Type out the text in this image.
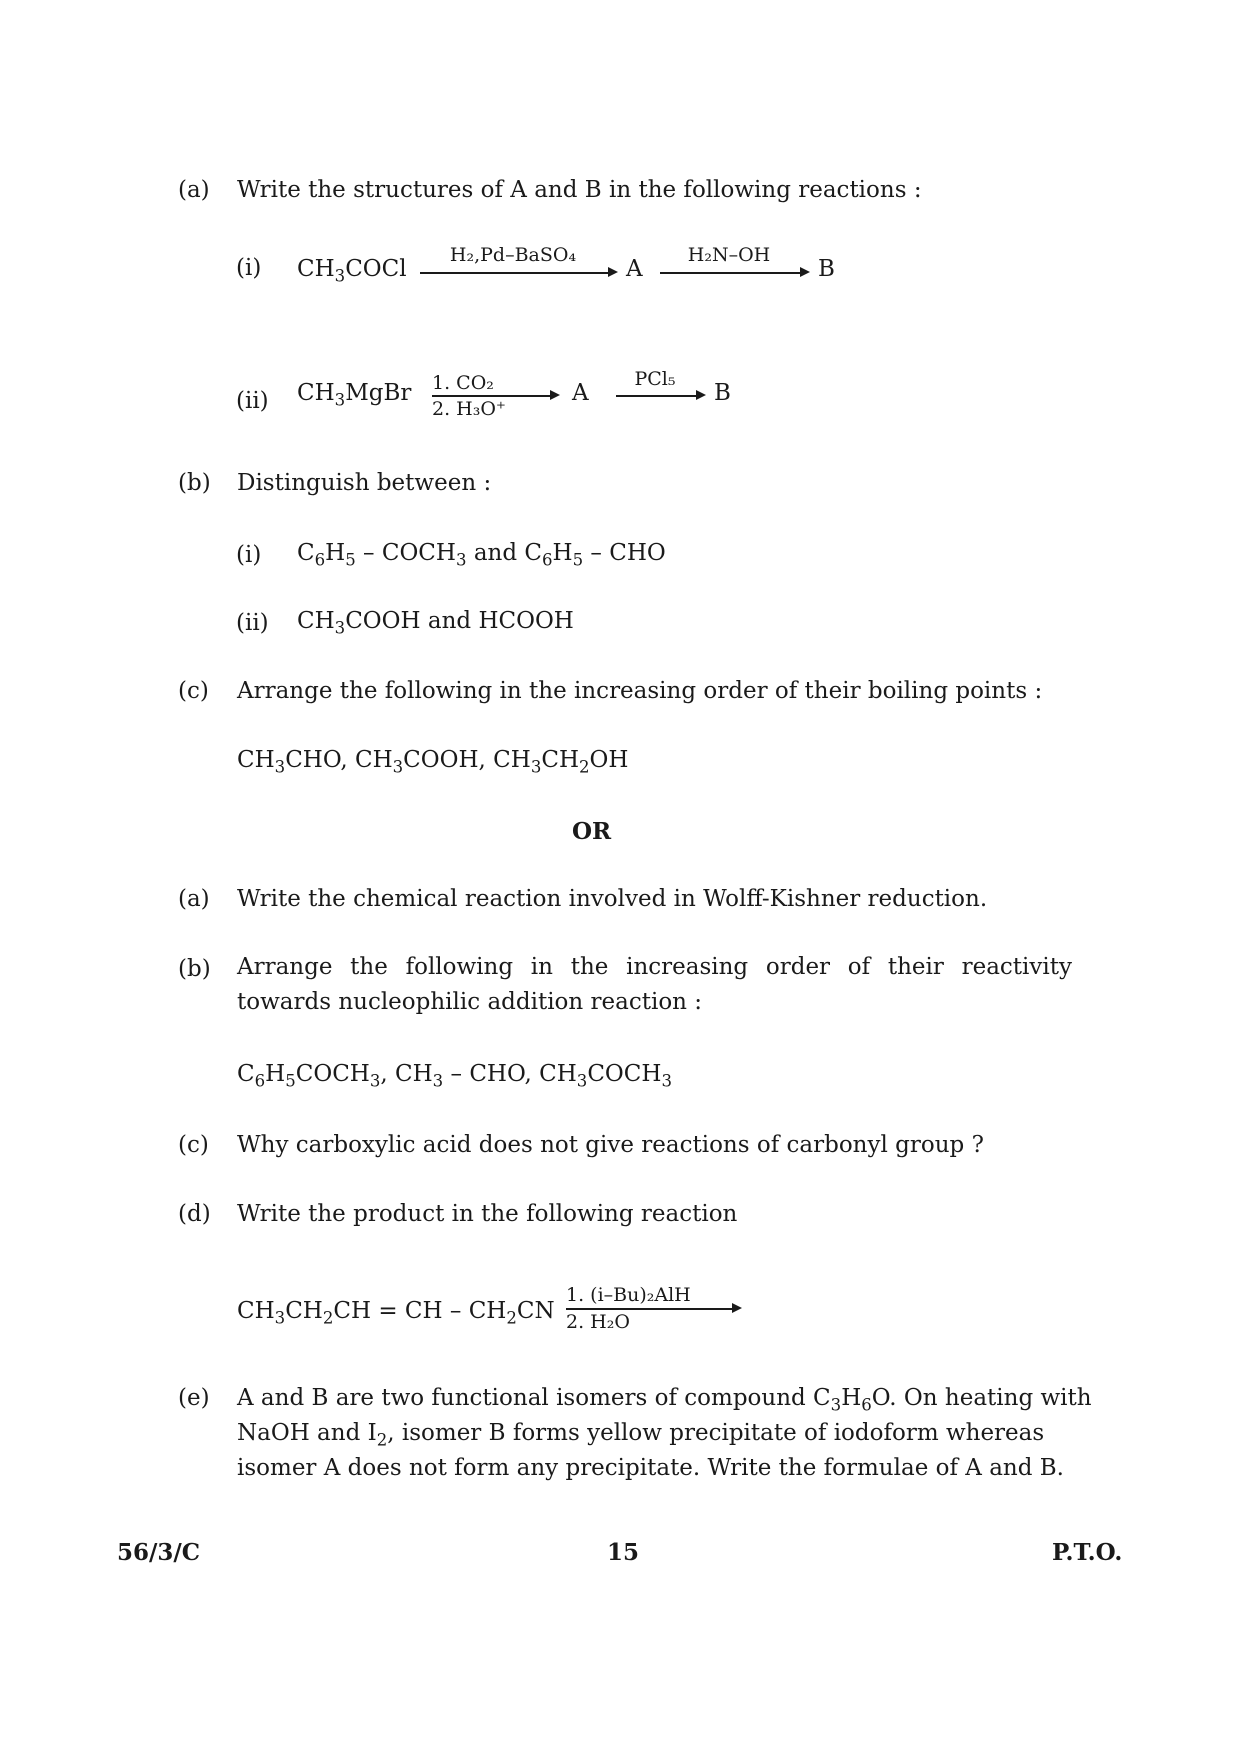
(a) Write the structures of A and B in the following reactions :
(i) $CH_3COCl$
H₂,Pd–BaSO₄
A
H₂N–OH
B
(ii) $CH_3MgBr$ 1. CO₂
2. H₃O⁺
A
PCl₅
B
(b) Distinguish between :
(i) $C_6H_5$ – $COCH_3$ and $C_6H_5$ – CHO
(ii) $CH_3COOH$ and HCOOH
(c) Arrange the following in the increasing order of their boiling points :
$CH_3CHO$, $CH_3COOH$, $CH_3CH_2OH$
OR
(a) Write the chemical reaction involved in Wolff-Kishner reduction.
(b) Arrange the following in the increasing order of their reactivity towards nucleophilic addition reaction :
$C_6H_5COCH_3$, $CH_3$ – CHO, $CH_3COCH_3$
(c) Why carboxylic acid does not give reactions of carbonyl group ?
(d) Write the product in the following reaction
$CH_3CH_2CH$ = CH – $CH_2CN$
1. (i–Bu)₂AlH
2. H₂O
(e) A and B are two functional isomers of compound $C_3H_6O$. On heating with
NaOH and $I_2$, isomer B forms yellow precipitate of iodoform whereas
isomer A does not form any precipitate. Write the formulae of A and B.
56/3/C	15	P.T.O.
